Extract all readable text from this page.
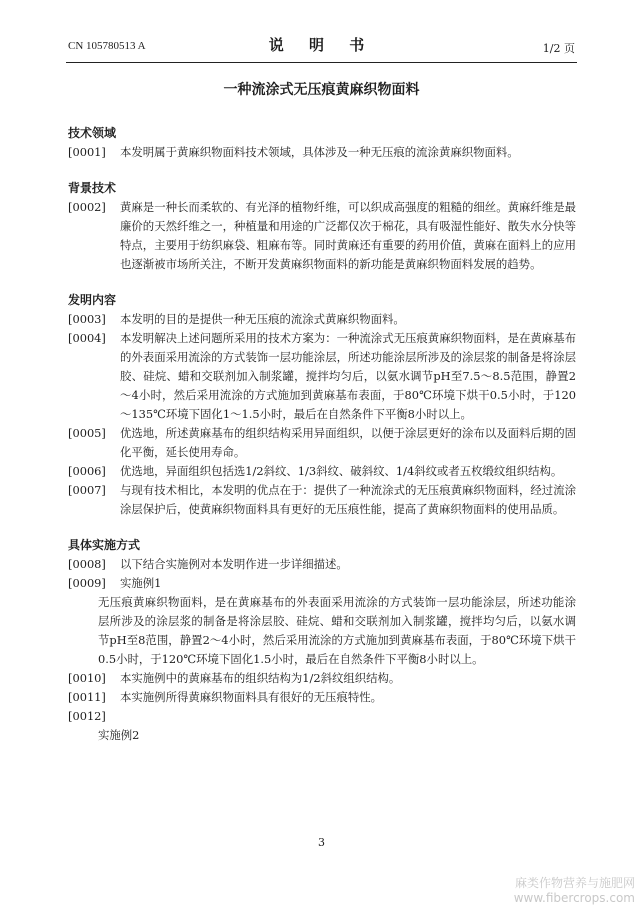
CN 105780513 A	说 明 书	1/2 页
一种流涂式无压痕黄麻织物面料
技术领域
[0001]	本发明属于黄麻织物面料技术领域，具体涉及一种无压痕的流涂黄麻织物面料。
背景技术
[0002]	黄麻是一种长而柔软的、有光泽的植物纤维，可以织成高强度的粗糙的细丝。黄麻纤维是最廉价的天然纤维之一，种植量和用途的广泛都仅次于棉花，具有吸湿性能好、散失水分快等特点，主要用于纺织麻袋、粗麻布等。同时黄麻还有重要的药用价值，黄麻在面料上的应用也逐渐被市场所关注，不断开发黄麻织物面料的新功能是黄麻织物面料发展的趋势。
发明内容
[0003]	本发明的目的是提供一种无压痕的流涂式黄麻织物面料。
[0004]	本发明解决上述问题所采用的技术方案为：一种流涂式无压痕黄麻织物面料，是在黄麻基布的外表面采用流涂的方式装饰一层功能涂层，所述功能涂层所涉及的涂层浆的制备是将涂层胶、硅烷、蜡和交联剂加入制浆罐，搅拌均匀后，以氨水调节pH至7.5～8.5范围，静置2～4小时，然后采用流涂的方式施加到黄麻基布表面，于80℃环境下烘干0.5小时，于120～135℃环境下固化1～1.5小时，最后在自然条件下平衡8小时以上。
[0005]	优选地，所述黄麻基布的组织结构采用异面组织，以便于涂层更好的涂布以及面料后期的固化平衡，延长使用寿命。
[0006]	优选地，异面组织包括选1/2斜纹、1/3斜纹、破斜纹、1/4斜纹或者五枚缎纹组织结构。
[0007]	与现有技术相比，本发明的优点在于：提供了一种流涂式的无压痕黄麻织物面料，经过流涂涂层保护后，使黄麻织物面料具有更好的无压痕性能，提高了黄麻织物面料的使用品质。
具体实施方式
[0008]	以下结合实施例对本发明作进一步详细描述。
[0009]	实施例1
无压痕黄麻织物面料，是在黄麻基布的外表面采用流涂的方式装饰一层功能涂层，所述功能涂层所涉及的涂层浆的制备是将涂层胶、硅烷、蜡和交联剂加入制浆罐，搅拌均匀后，以氨水调节pH至8范围，静置2～4小时，然后采用流涂的方式施加到黄麻基布表面，于80℃环境下烘干0.5小时，于120℃环境下固化1.5小时，最后在自然条件下平衡8小时以上。
[0010]	本实施例中的黄麻基布的组织结构为1/2斜纹组织结构。
[0011]	本实施例所得黄麻织物面料具有很好的无压痕特性。
[0012]
实施例2
3
麻类作物营养与施肥网
www.fibercrops.com
